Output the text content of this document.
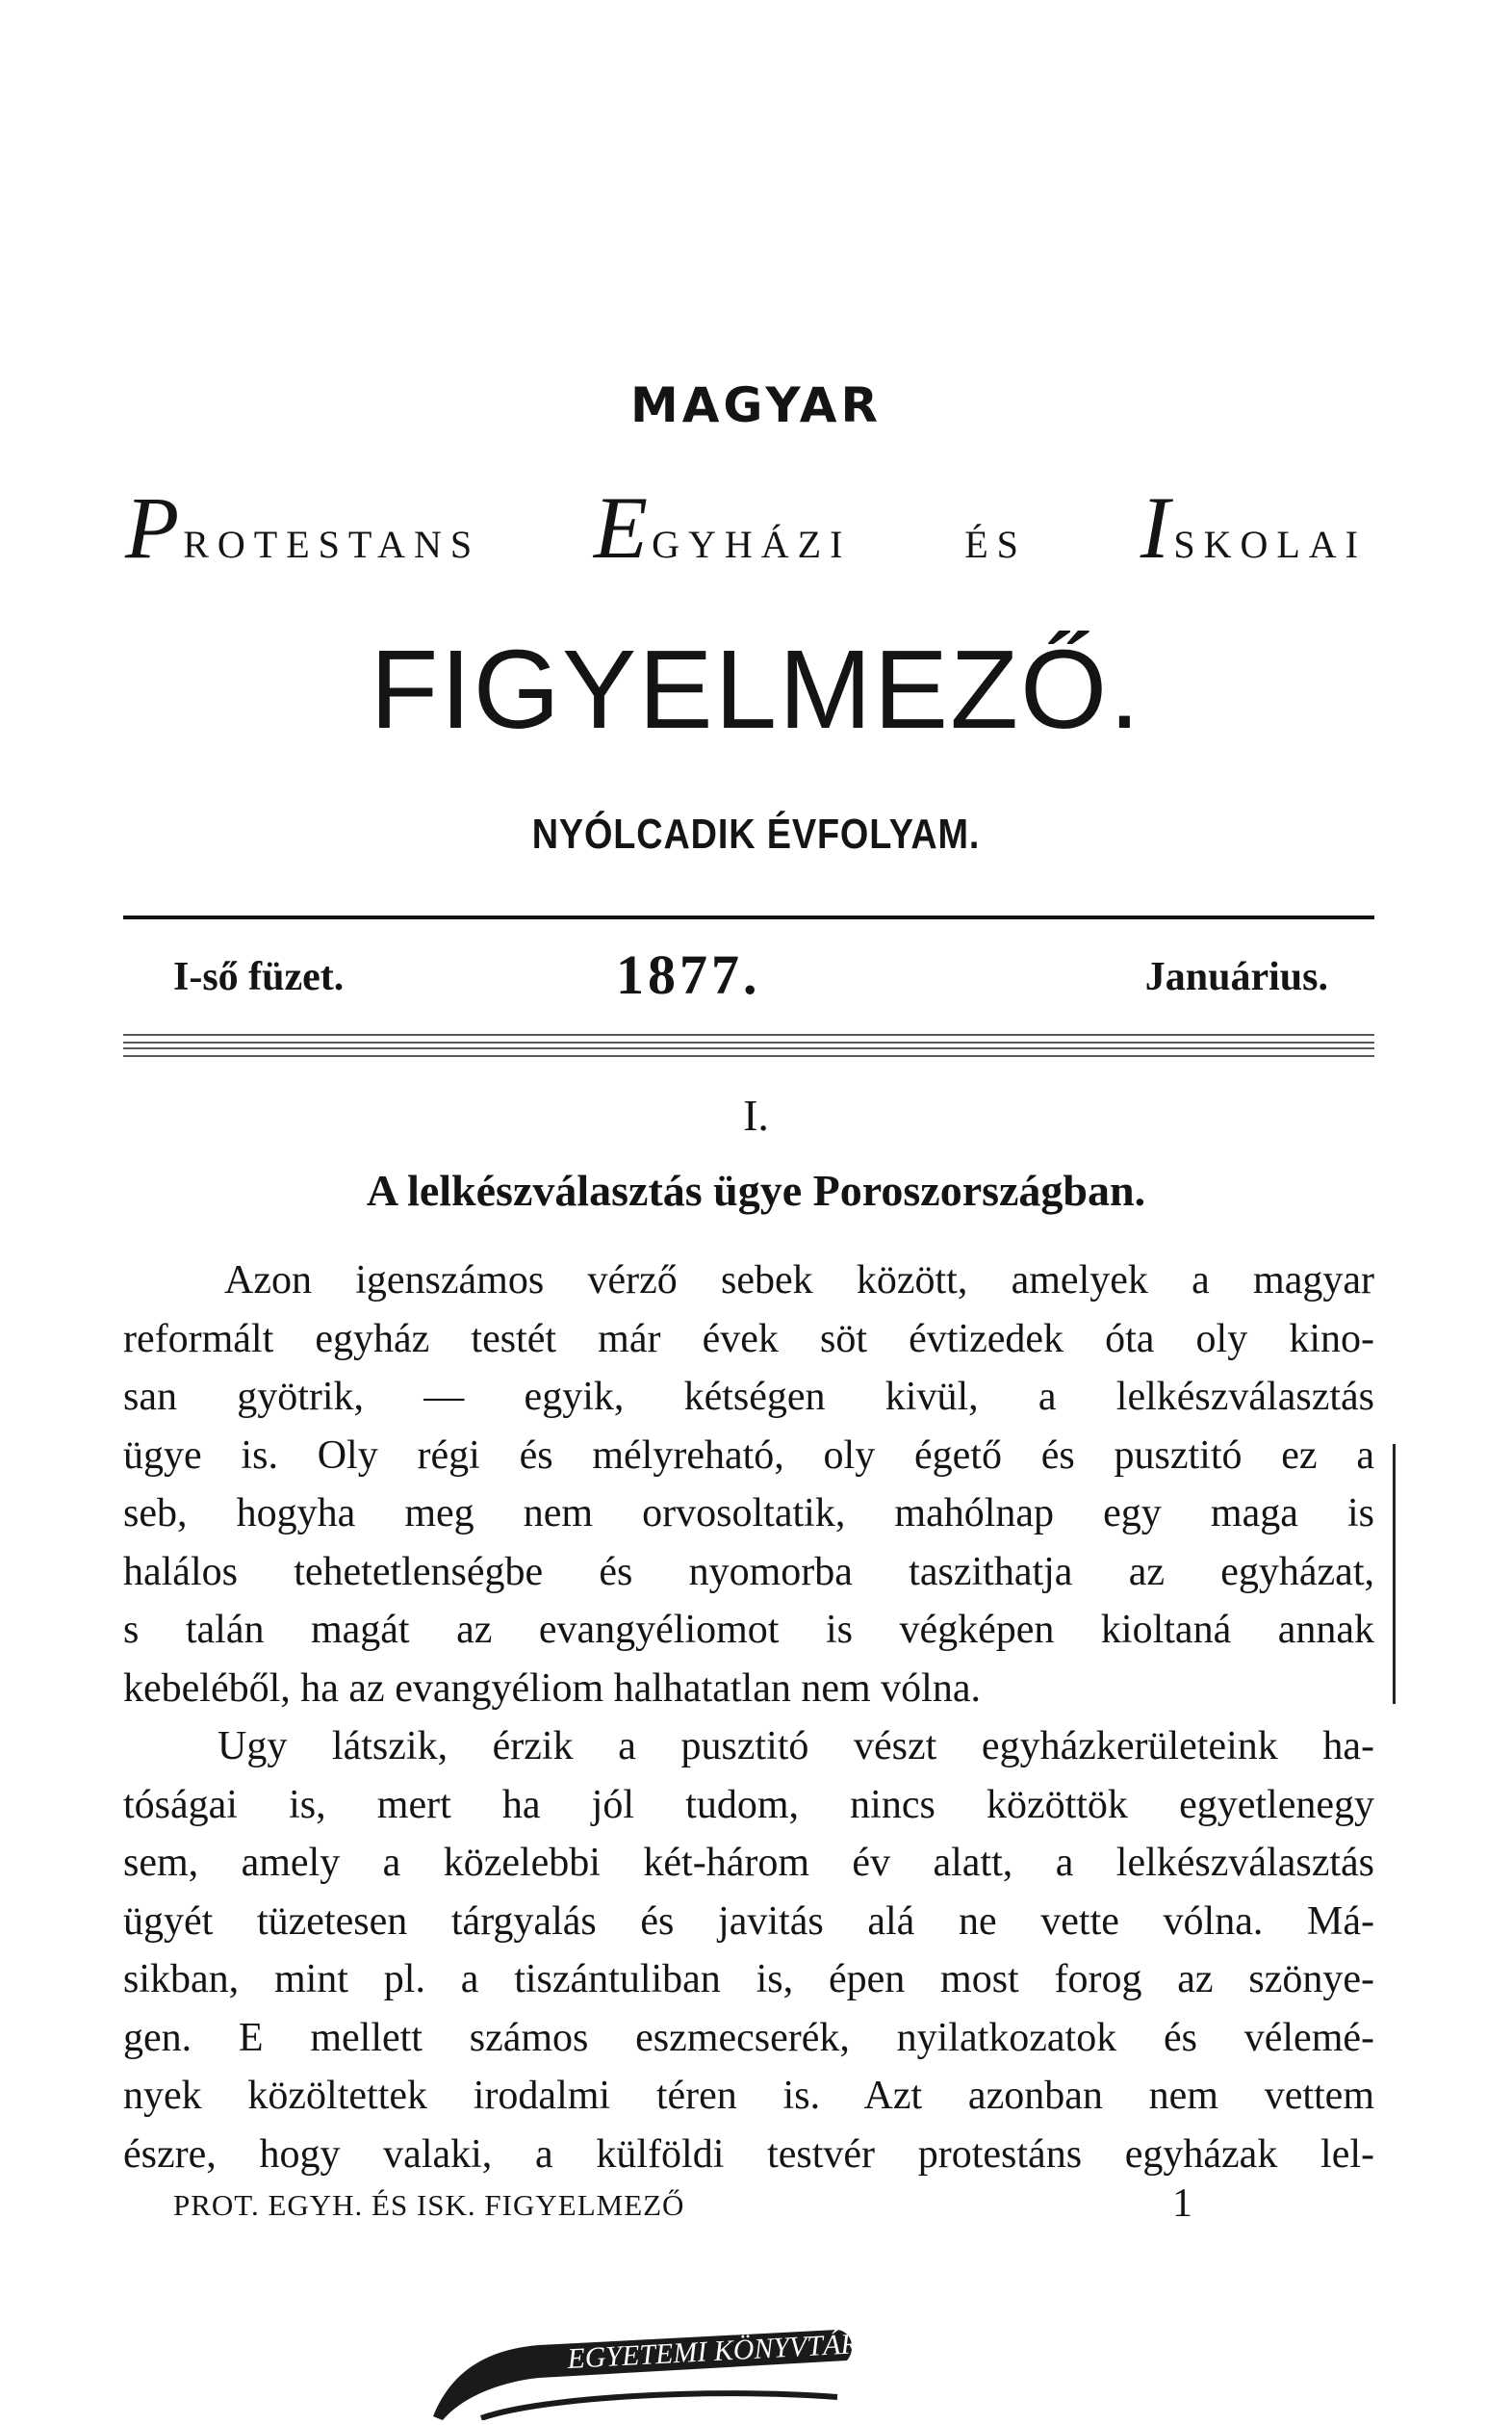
MAGYAR
PROTESTANS EGYHÁZI	ÉS ISKOLAI
FIGYELMEZŐ.
NYÓLCADIK ÉVFOLYAM.
I-ső füzet.	1877.	Januárius.
I.
A lelkészválasztás ügye Poroszországban.
Azon igenszámos vérző sebek között, amelyek a magyar
reformált egyház testét már évek söt évtizedek óta oly kino-
san gyötrik, — egyik, kétségen kivül, a lelkészválasztás
ügye is. Oly régi és mélyreható, oly égető és pusztitó ez a
seb, hogyha meg nem orvosoltatik, mahólnap egy maga is
halálos tehetetlenségbe és nyomorba taszithatja az egyházat,
s talán magát az evangyéliomot is végképen kioltaná annak
kebeléből, ha az evangyéliom halhatatlan nem vólna.
Ugy látszik, érzik a pusztitó vészt egyházkerületeink ha-
tóságai is, mert ha jól tudom, nincs közöttök egyetlenegy
sem, amely a közelebbi két-három év alatt, a lelkészválasztás
ügyét tüzetesen tárgyalás és javitás alá ne vette vólna. Má-
sikban, mint pl. a tiszántuliban is, épen most forog az szönye-
gen. E mellett számos eszmecserék, nyilatkozatok és vélemé-
nyek közöltettek irodalmi téren is. Azt azonban nem vettem
észre, hogy valaki, a külföldi testvér protestáns egyházak lel-
PROT. EGYH. ÉS ISK. FIGYELMEZŐ	1
EGYETEMI KÖNYVTÁR
